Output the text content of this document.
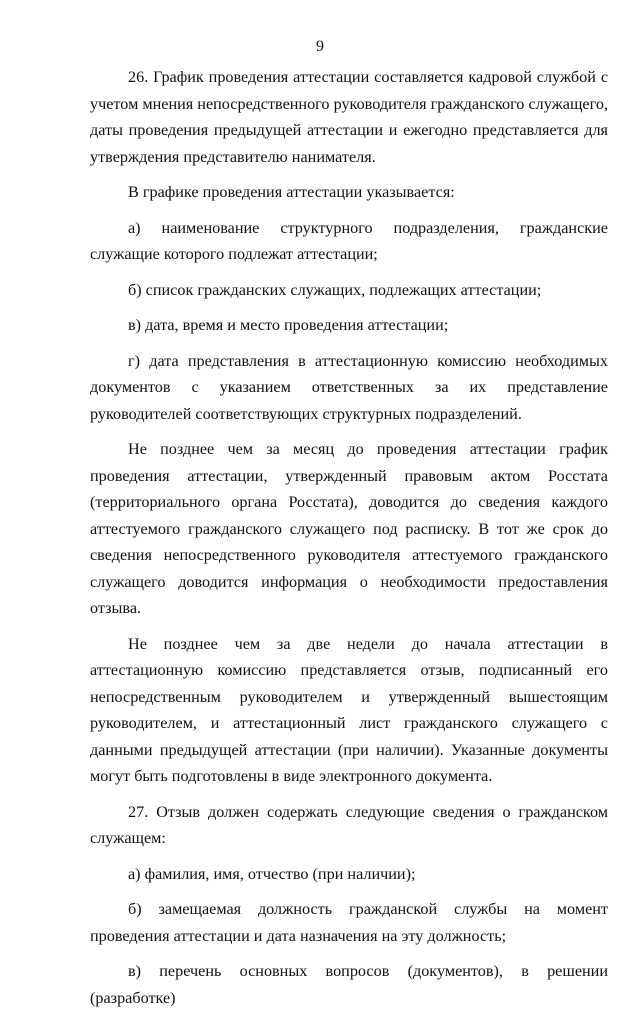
9

26. График проведения аттестации составляется кадровой службой с учетом мнения непосредственного руководителя гражданского служащего, даты проведения предыдущей аттестации и ежегодно представляется для утверждения представителю нанимателя.

В графике проведения аттестации указывается:

а) наименование структурного подразделения, гражданские служащие которого подлежат аттестации;

б) список гражданских служащих, подлежащих аттестации;

в) дата, время и место проведения аттестации;

г) дата представления в аттестационную комиссию необходимых документов с указанием ответственных за их представление руководителей соответствующих структурных подразделений.

Не позднее чем за месяц до проведения аттестации график проведения аттестации, утвержденный правовым актом Росстата (территориального органа Росстата), доводится до сведения каждого аттестуемого гражданского служащего под расписку. В тот же срок до сведения непосредственного руководителя аттестуемого гражданского служащего доводится информация о необходимости предоставления отзыва.

Не позднее чем за две недели до начала аттестации в аттестационную комиссию представляется отзыв, подписанный его непосредственным руководителем и утвержденный вышестоящим руководителем, и аттестационный лист гражданского служащего с данными предыдущей аттестации (при наличии). Указанные документы могут быть подготовлены в виде электронного документа.

27. Отзыв должен содержать следующие сведения о гражданском служащем:

а) фамилия, имя, отчество (при наличии);

б) замещаемая должность гражданской службы на момент проведения аттестации и дата назначения на эту должность;

в) перечень основных вопросов (документов), в решении (разработке)
